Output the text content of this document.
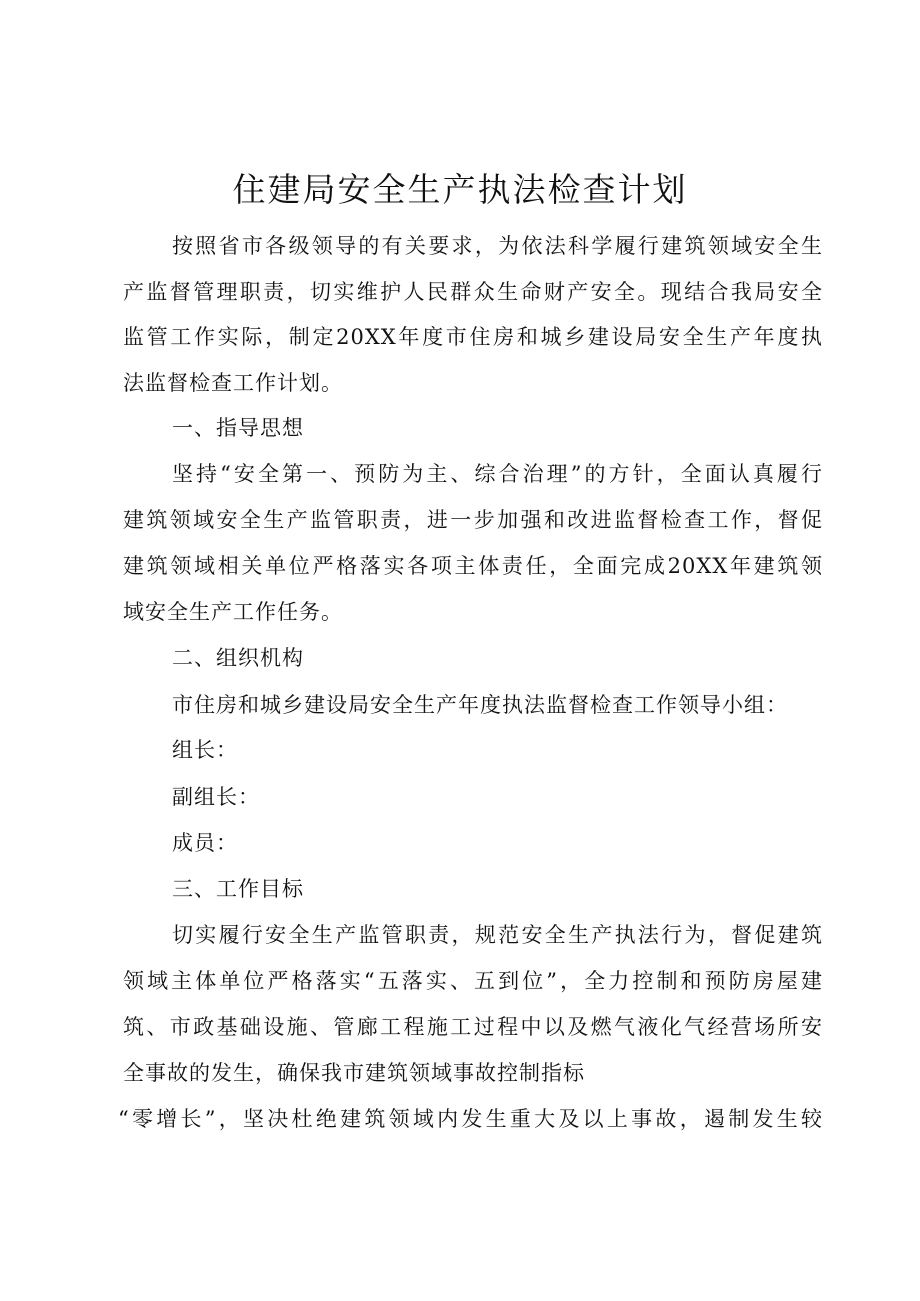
住建局安全生产执法检查计划

按照省市各级领导的有关要求，为依法科学履行建筑领域安全生

产监督管理职责，切实维护人民群众生命财产安全。现结合我局安全

监管工作实际，制定20XX年度市住房和城乡建设局安全生产年度执

法监督检查工作计划。

一、指导思想

坚持“安全第一、预防为主、综合治理”的方针，全面认真履行

建筑领域安全生产监管职责，进一步加强和改进监督检查工作，督促

建筑领域相关单位严格落实各项主体责任，全面完成20XX年建筑领

域安全生产工作任务。

二、组织机构

市住房和城乡建设局安全生产年度执法监督检查工作领导小组：

组长：

副组长：

成员：

三、工作目标

切实履行安全生产监管职责，规范安全生产执法行为，督促建筑

领域主体单位严格落实“五落实、五到位”，全力控制和预防房屋建

筑、市政基础设施、管廊工程施工过程中以及燃气液化气经营场所安

全事故的发生，确保我市建筑领域事故控制指标

“零增长”，坚决杜绝建筑领域内发生重大及以上事故，遏制发生较
